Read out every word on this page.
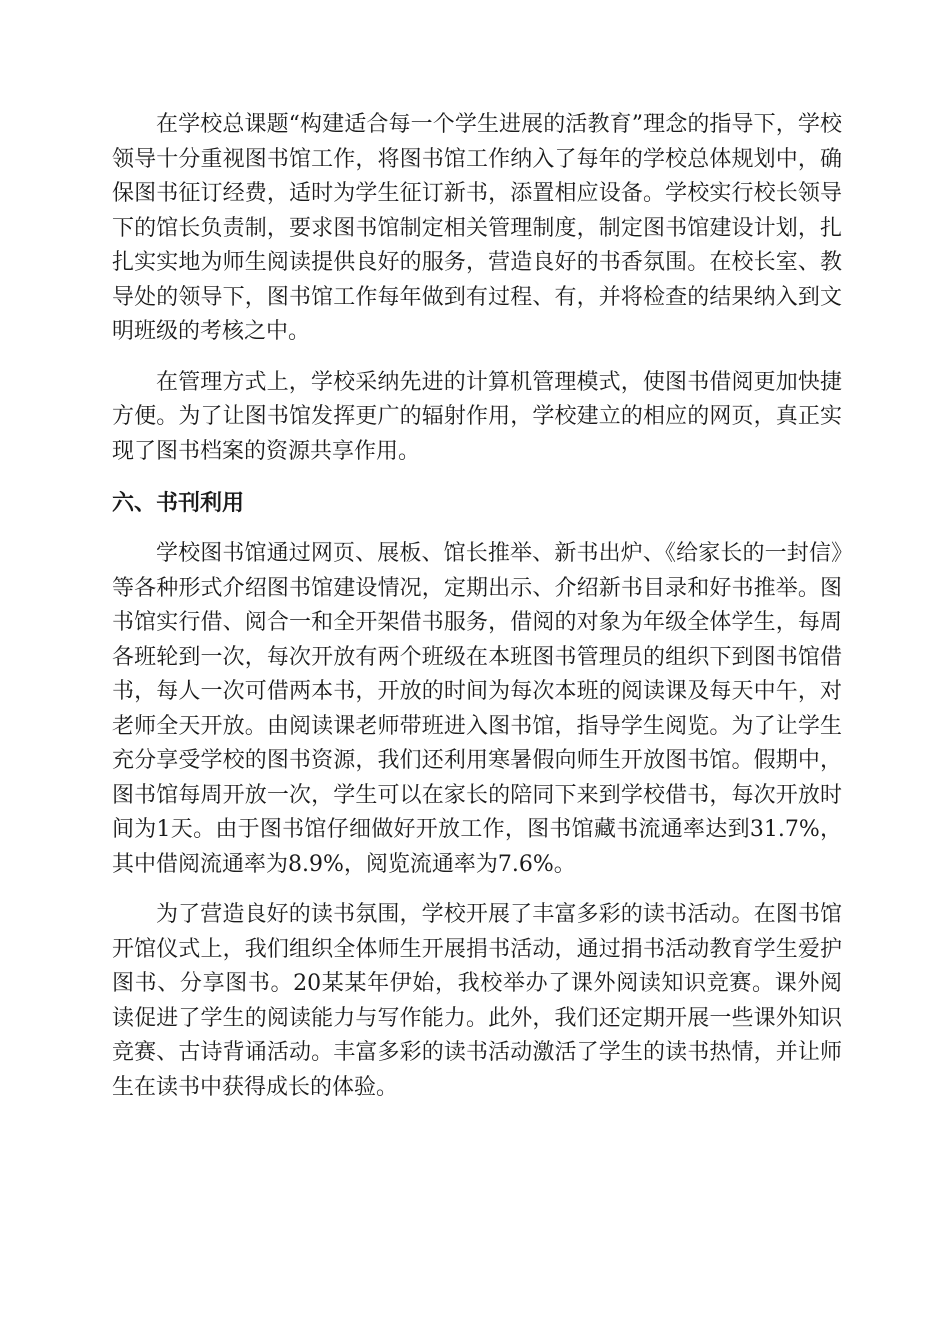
在学校总课题“构建适合每一个学生进展的活教育”理念的指导下，学校领导十分重视图书馆工作，将图书馆工作纳入了每年的学校总体规划中，确保图书征订经费，适时为学生征订新书，添置相应设备。学校实行校长领导下的馆长负责制，要求图书馆制定相关管理制度，制定图书馆建设计划，扎扎实实地为师生阅读提供良好的服务，营造良好的书香氛围。在校长室、教导处的领导下，图书馆工作每年做到有过程、有，并将检查的结果纳入到文明班级的考核之中。

在管理方式上，学校采纳先进的计算机管理模式，使图书借阅更加快捷方便。为了让图书馆发挥更广的辐射作用，学校建立的相应的网页，真正实现了图书档案的资源共享作用。

六、书刊利用

学校图书馆通过网页、展板、馆长推举、新书出炉、《给家长的一封信》等各种形式介绍图书馆建设情况，定期出示、介绍新书目录和好书推举。图书馆实行借、阅合一和全开架借书服务，借阅的对象为年级全体学生，每周各班轮到一次，每次开放有两个班级在本班图书管理员的组织下到图书馆借书，每人一次可借两本书，开放的时间为每次本班的阅读课及每天中午，对老师全天开放。由阅读课老师带班进入图书馆，指导学生阅览。为了让学生充分享受学校的图书资源，我们还利用寒暑假向师生开放图书馆。假期中，图书馆每周开放一次，学生可以在家长的陪同下来到学校借书，每次开放时间为1天。由于图书馆仔细做好开放工作，图书馆藏书流通率达到31.7%，其中借阅流通率为8.9%，阅览流通率为7.6%。

为了营造良好的读书氛围，学校开展了丰富多彩的读书活动。在图书馆开馆仪式上，我们组织全体师生开展捐书活动，通过捐书活动教育学生爱护图书、分享图书。20某某年伊始，我校举办了课外阅读知识竞赛。课外阅读促进了学生的阅读能力与写作能力。此外，我们还定期开展一些课外知识竞赛、古诗背诵活动。丰富多彩的读书活动激活了学生的读书热情，并让师生在读书中获得成长的体验。
